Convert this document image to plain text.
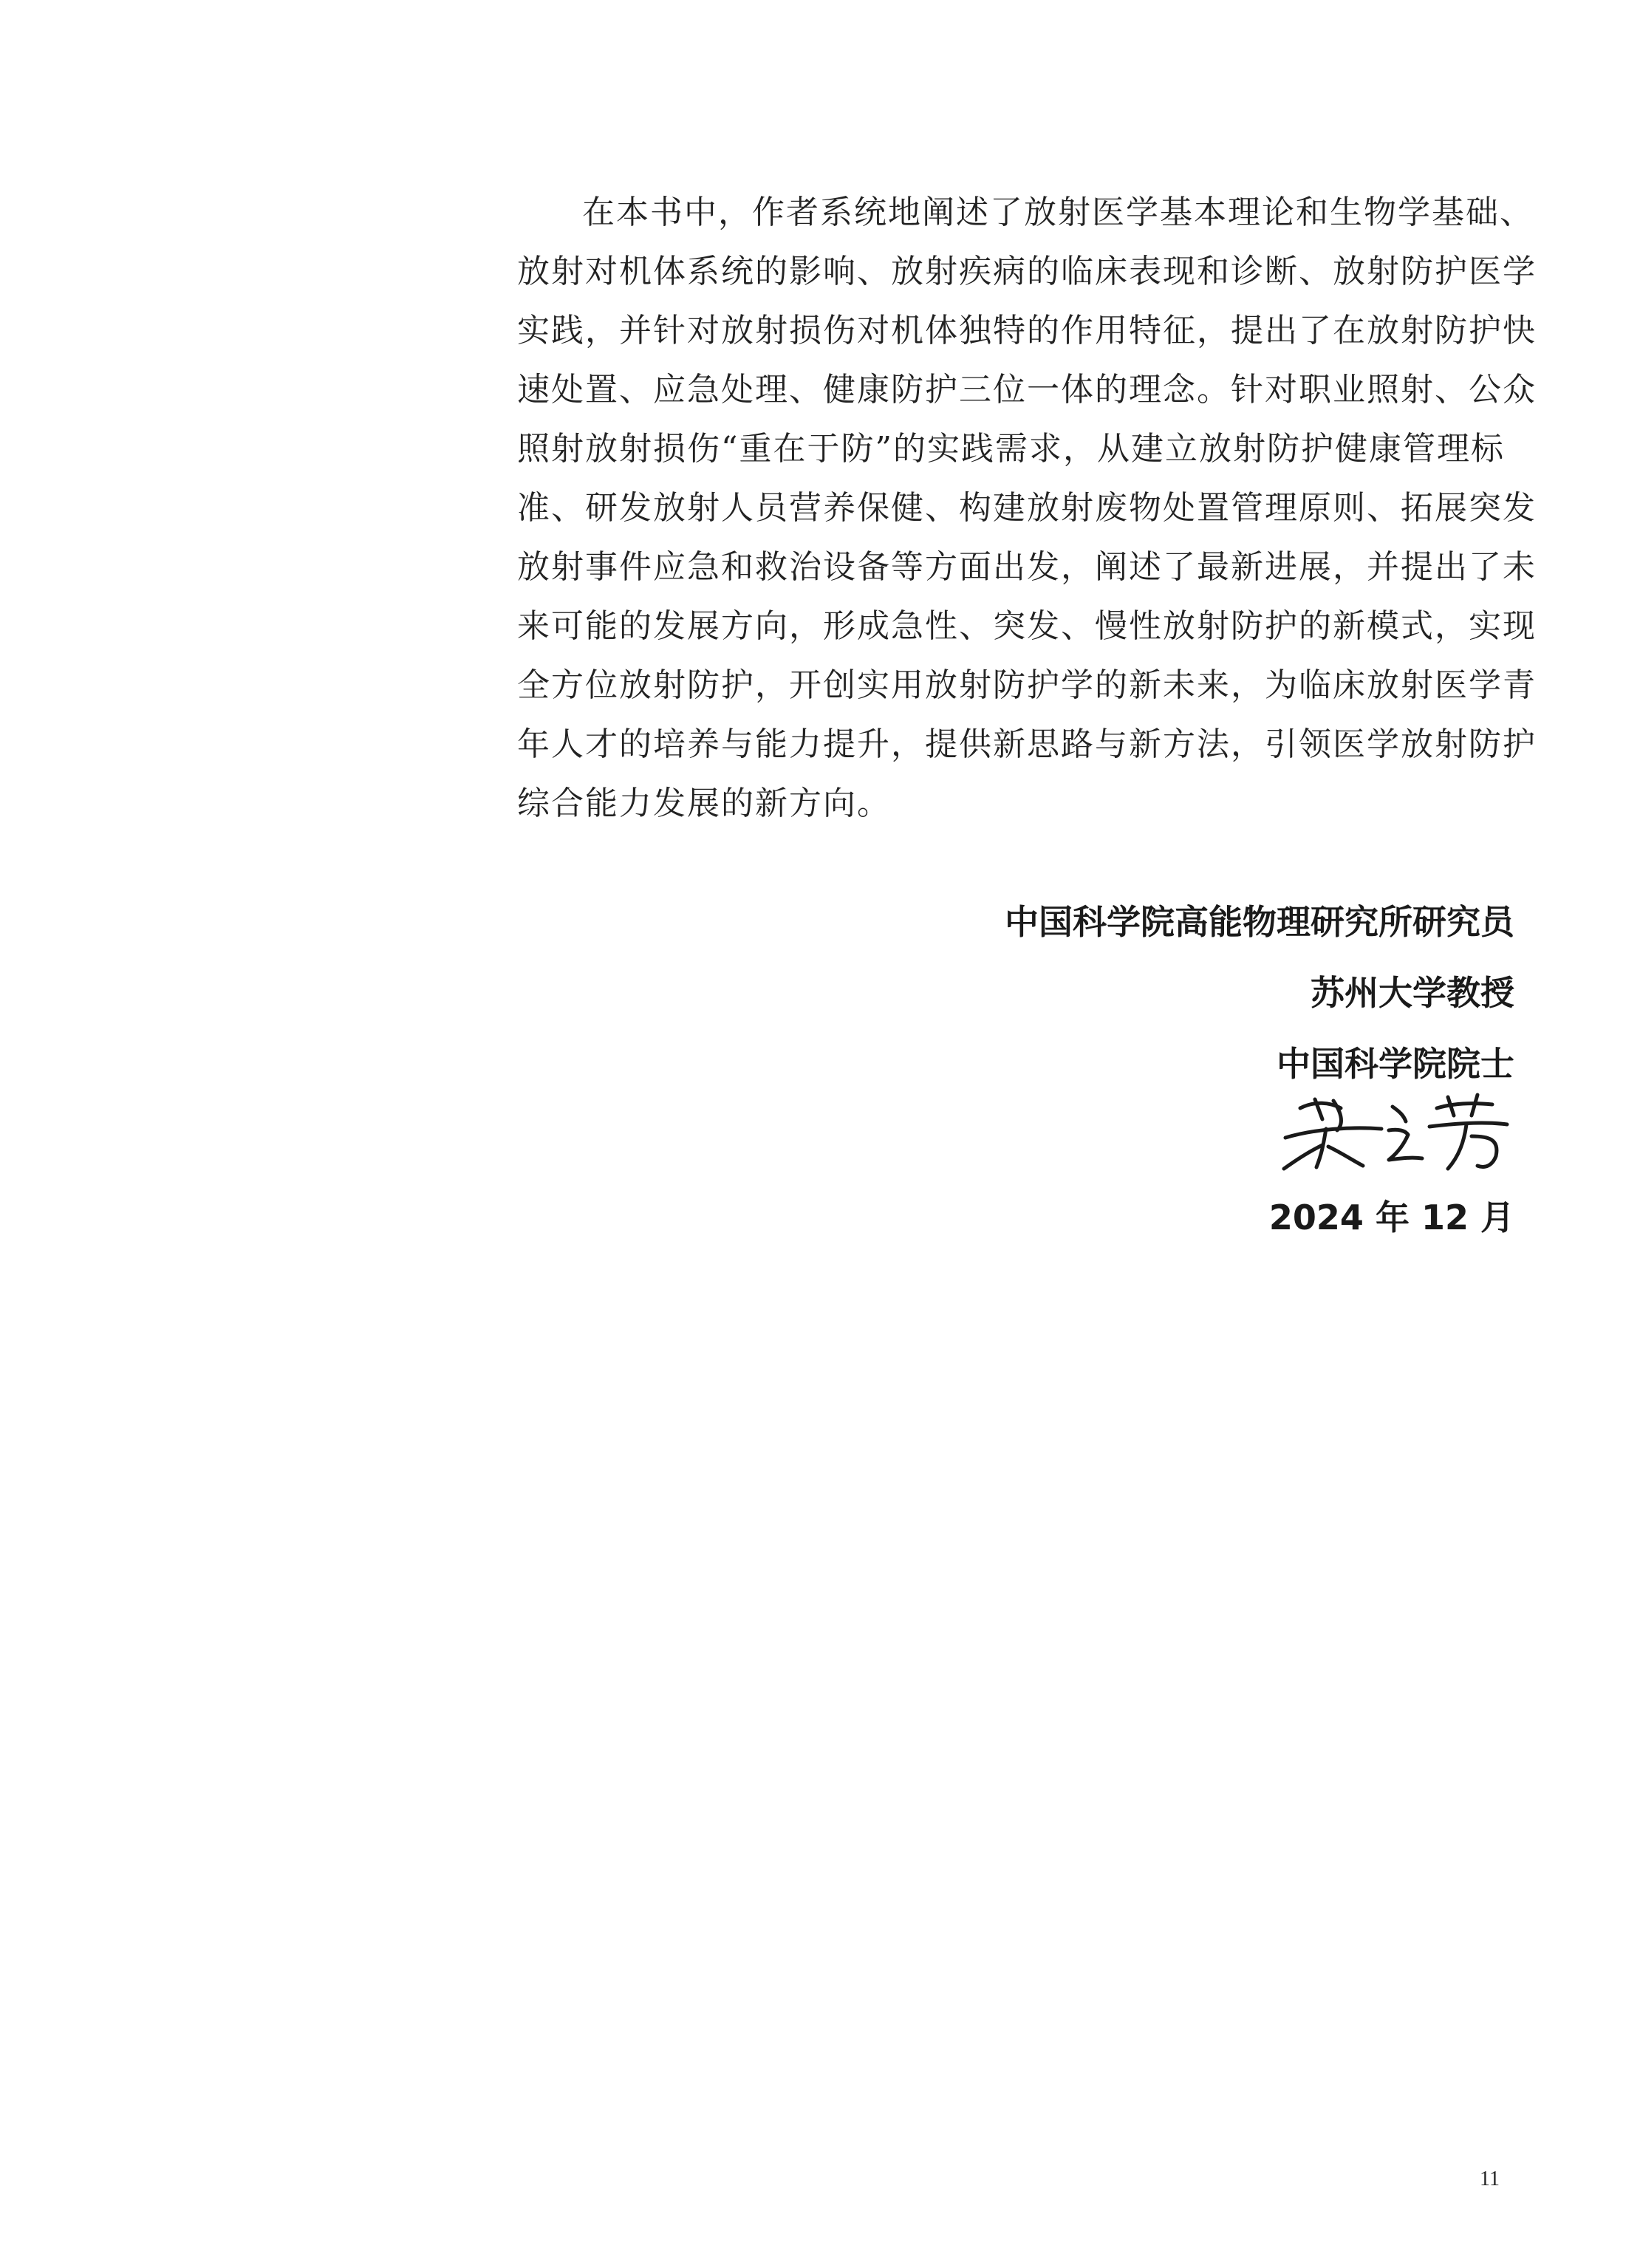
在本书中，作者系统地阐述了放射医学基本理论和生物学基础、
放射对机体系统的影响、放射疾病的临床表现和诊断、放射防护医学
实践，并针对放射损伤对机体独特的作用特征，提出了在放射防护快
速处置、应急处理、健康防护三位一体的理念。针对职业照射、公众
照射放射损伤“重在于防”的实践需求，从建立放射防护健康管理标
准、研发放射人员营养保健、构建放射废物处置管理原则、拓展突发
放射事件应急和救治设备等方面出发，阐述了最新进展，并提出了未
来可能的发展方向，形成急性、突发、慢性放射防护的新模式，实现
全方位放射防护，开创实用放射防护学的新未来，为临床放射医学青
年人才的培养与能力提升，提供新思路与新方法，引领医学放射防护
综合能力发展的新方向。
中国科学院高能物理研究所研究员
苏州大学教授
中国科学院院士
2024 年 12 月
11
